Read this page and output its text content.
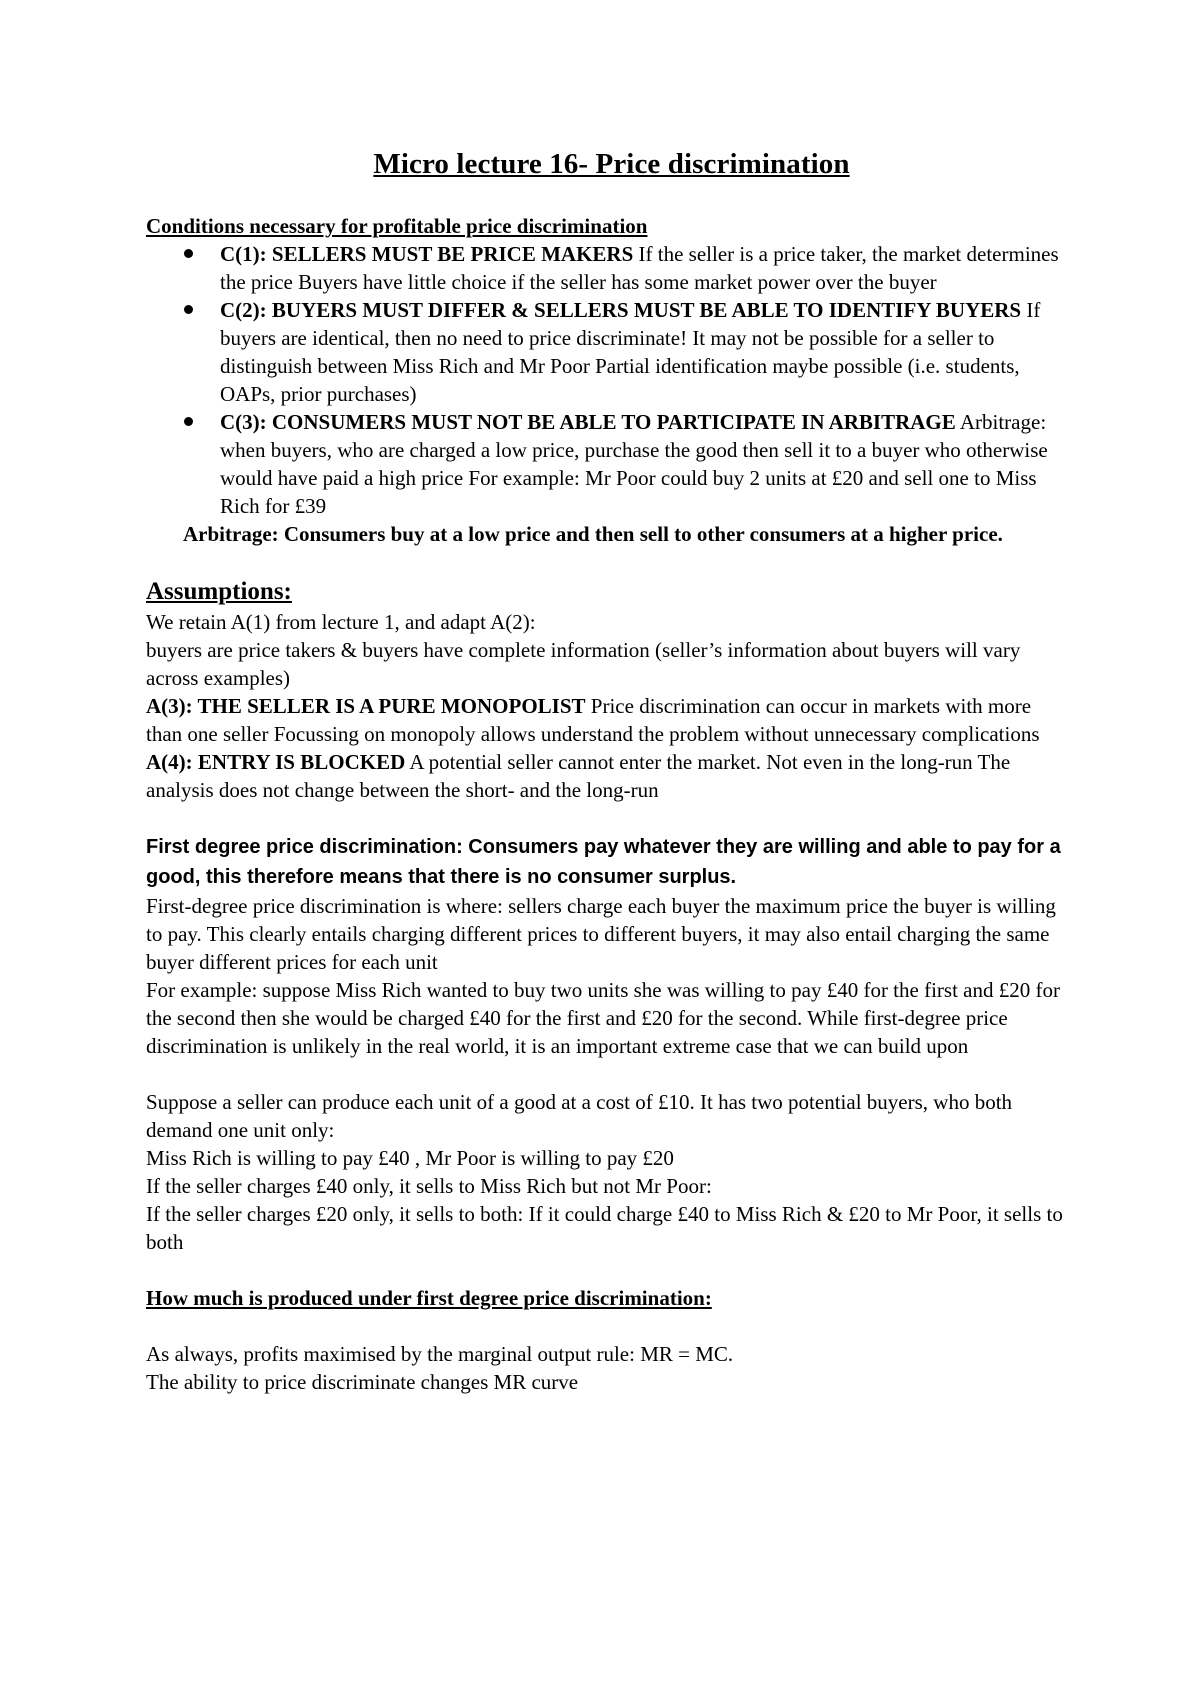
Micro lecture 16- Price discrimination
Conditions necessary for profitable price discrimination
C(1): SELLERS MUST BE PRICE MAKERS If the seller is a price taker, the market determines the price Buyers have little choice if the seller has some market power over the buyer
C(2): BUYERS MUST DIFFER & SELLERS MUST BE ABLE TO IDENTIFY BUYERS If buyers are identical, then no need to price discriminate! It may not be possible for a seller to distinguish between Miss Rich and Mr Poor Partial identification maybe possible (i.e. students, OAPs, prior purchases)
C(3): CONSUMERS MUST NOT BE ABLE TO PARTICIPATE IN ARBITRAGE Arbitrage: when buyers, who are charged a low price, purchase the good then sell it to a buyer who otherwise would have paid a high price For example: Mr Poor could buy 2 units at £20 and sell one to Miss Rich for £39

Arbitrage: Consumers buy at a low price and then sell to other consumers at a higher price.

Assumptions:

We retain A(1) from lecture 1, and adapt A(2):

buyers are price takers & buyers have complete information (seller’s information about buyers will vary across examples)

A(3): THE SELLER IS A PURE MONOPOLIST Price discrimination can occur in markets with more than one seller Focussing on monopoly allows understand the problem without unnecessary complications

A(4): ENTRY IS BLOCKED A potential seller cannot enter the market. Not even in the long-run The analysis does not change between the short- and the long-run

First degree price discrimination: Consumers pay whatever they are willing and able to pay for a good, this therefore means that there is no consumer surplus.

First-degree price discrimination is where: sellers charge each buyer the maximum price the buyer is willing to pay. This clearly entails charging different prices to different buyers, it may also entail charging the same buyer different prices for each unit

For example: suppose Miss Rich wanted to buy two units she was willing to pay £40 for the first and £20 for the second then she would be charged £40 for the first and £20 for the second. While first-degree price discrimination is unlikely in the real world, it is an important extreme case that we can build upon

Suppose a seller can produce each unit of a good at a cost of £10. It has two potential buyers, who both demand one unit only:

Miss Rich is willing to pay £40 , Mr Poor is willing to pay £20

If the seller charges £40 only, it sells to Miss Rich but not Mr Poor:

If the seller charges £20 only, it sells to both: If it could charge £40 to Miss Rich & £20 to Mr Poor, it sells to both

How much is produced under first degree price discrimination:

As always, profits maximised by the marginal output rule: MR = MC.

The ability to price discriminate changes MR curve
